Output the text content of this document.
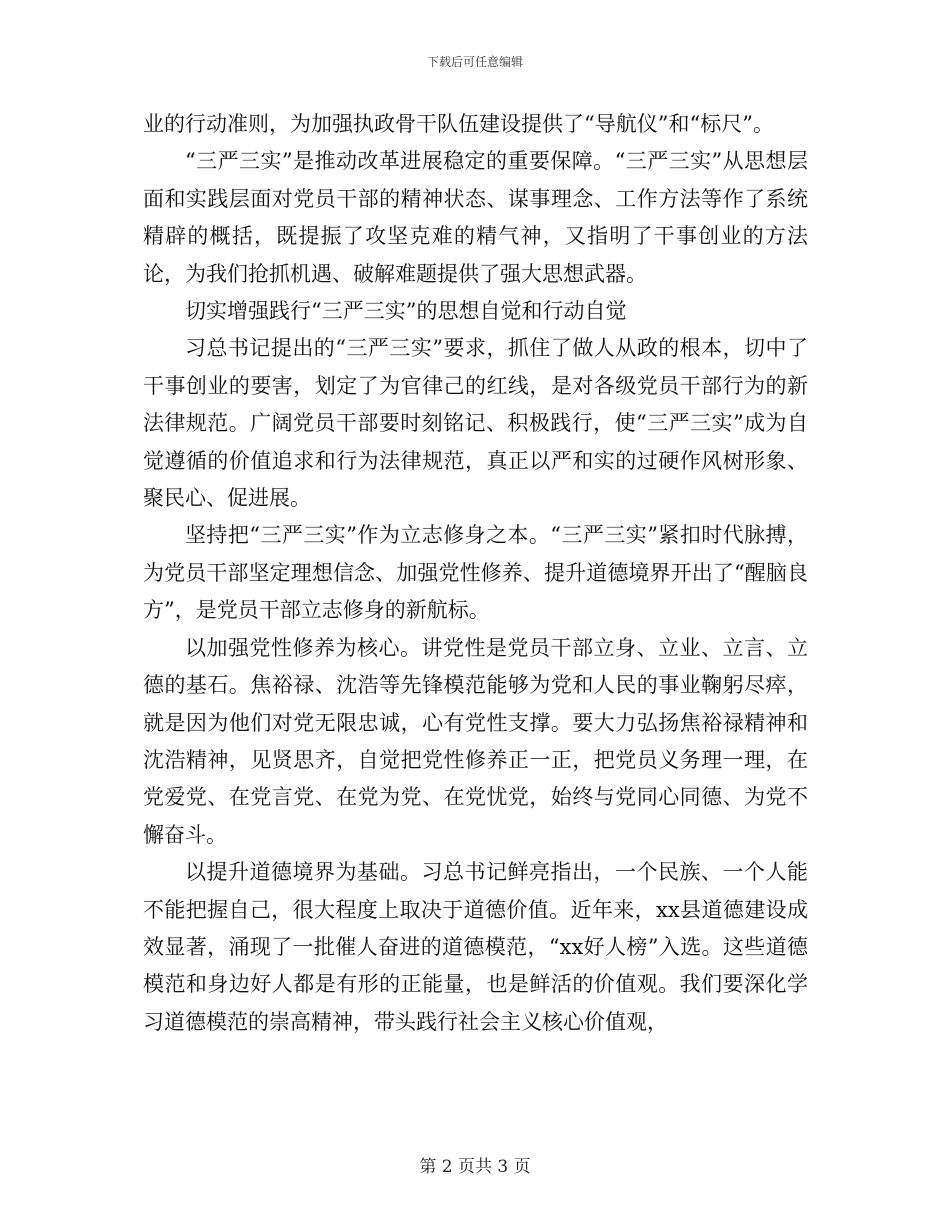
下载后可任意编辑

业的行动准则，为加强执政骨干队伍建设提供了“导航仪”和“标尺”。

“三严三实”是推动改革进展稳定的重要保障。“三严三实”从思想层面和实践层面对党员干部的精神状态、谋事理念、工作方法等作了系统精辟的概括，既提振了攻坚克难的精气神，又指明了干事创业的方法论，为我们抢抓机遇、破解难题提供了强大思想武器。

切实增强践行“三严三实”的思想自觉和行动自觉

习总书记提出的“三严三实”要求，抓住了做人从政的根本，切中了干事创业的要害，划定了为官律己的红线，是对各级党员干部行为的新法律规范。广阔党员干部要时刻铭记、积极践行，使“三严三实”成为自觉遵循的价值追求和行为法律规范，真正以严和实的过硬作风树形象、聚民心、促进展。

坚持把“三严三实”作为立志修身之本。“三严三实”紧扣时代脉搏，为党员干部坚定理想信念、加强党性修养、提升道德境界开出了“醒脑良方”，是党员干部立志修身的新航标。

以加强党性修养为核心。讲党性是党员干部立身、立业、立言、立德的基石。焦裕禄、沈浩等先锋模范能够为党和人民的事业鞠躬尽瘁，就是因为他们对党无限忠诚，心有党性支撑。要大力弘扬焦裕禄精神和沈浩精神，见贤思齐，自觉把党性修养正一正，把党员义务理一理，在党爱党、在党言党、在党为党、在党忧党，始终与党同心同德、为党不懈奋斗。

以提升道德境界为基础。习总书记鲜亮指出，一个民族、一个人能不能把握自己，很大程度上取决于道德价值。近年来，xx县道德建设成效显著，涌现了一批催人奋进的道德模范，“xx好人榜”入选。这些道德模范和身边好人都是有形的正能量，也是鲜活的价值观。我们要深化学习道德模范的崇高精神，带头践行社会主义核心价值观，

第 2 页共 3 页
